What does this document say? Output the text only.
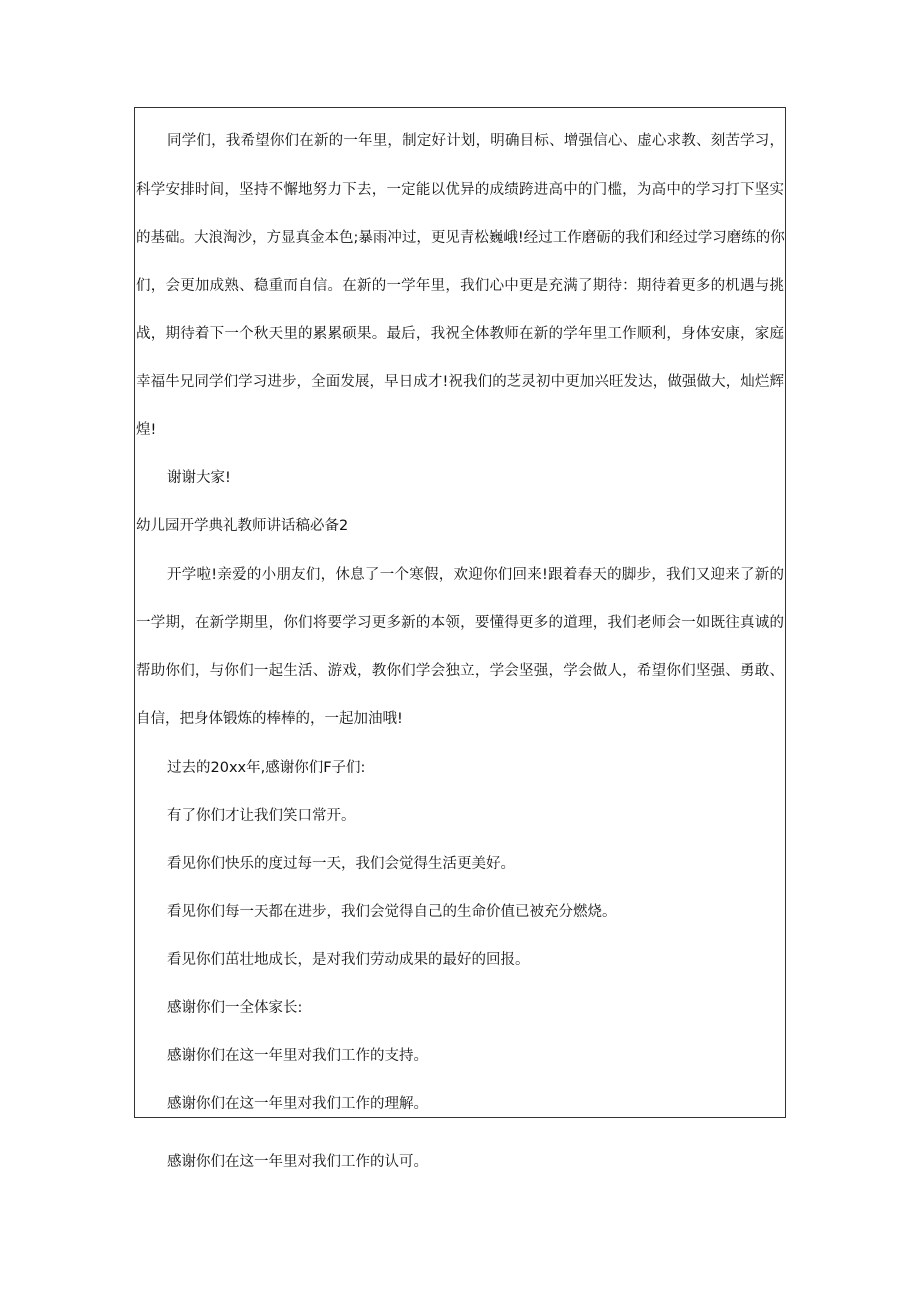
同学们，我希望你们在新的一年里，制定好计划，明确目标、增强信心、虚心求教、刻苦学习，
科学安排时间，坚持不懈地努力下去，一定能以优异的成绩跨进高中的门槛，为高中的学习打下坚实
的基础。大浪淘沙，方显真金本色;暴雨冲过，更见青松巍峨!经过工作磨砺的我们和经过学习磨练的你
们，会更加成熟、稳重而自信。在新的一学年里，我们心中更是充满了期待：期待着更多的机遇与挑
战，期待着下一个秋天里的累累硕果。最后，我祝全体教师在新的学年里工作顺利，身体安康，家庭
幸福牛兄同学们学习进步，全面发展，早日成才!祝我们的芝灵初中更加兴旺发达，做强做大，灿烂辉
煌!
谢谢大家!
幼儿园开学典礼教师讲话稿必备2
开学啦!亲爱的小朋友们，休息了一个寒假，欢迎你们回来!跟着春天的脚步，我们又迎来了新的
一学期，在新学期里，你们将要学习更多新的本领，要懂得更多的道理，我们老师会一如既往真诚的
帮助你们，与你们一起生活、游戏，教你们学会独立，学会坚强，学会做人，希望你们坚强、勇敢、
自信，把身体锻炼的棒棒的，一起加油哦!
过去的20xx年,感谢你们F子们:
有了你们才让我们笑口常开。
看见你们快乐的度过每一天，我们会觉得生活更美好。
看见你们每一天都在进步，我们会觉得自己的生命价值已被充分燃烧。
看见你们茁壮地成长，是对我们劳动成果的最好的回报。
感谢你们一全体家长:
感谢你们在这一年里对我们工作的支持。
感谢你们在这一年里对我们工作的理解。
感谢你们在这一年里对我们工作的认可。
